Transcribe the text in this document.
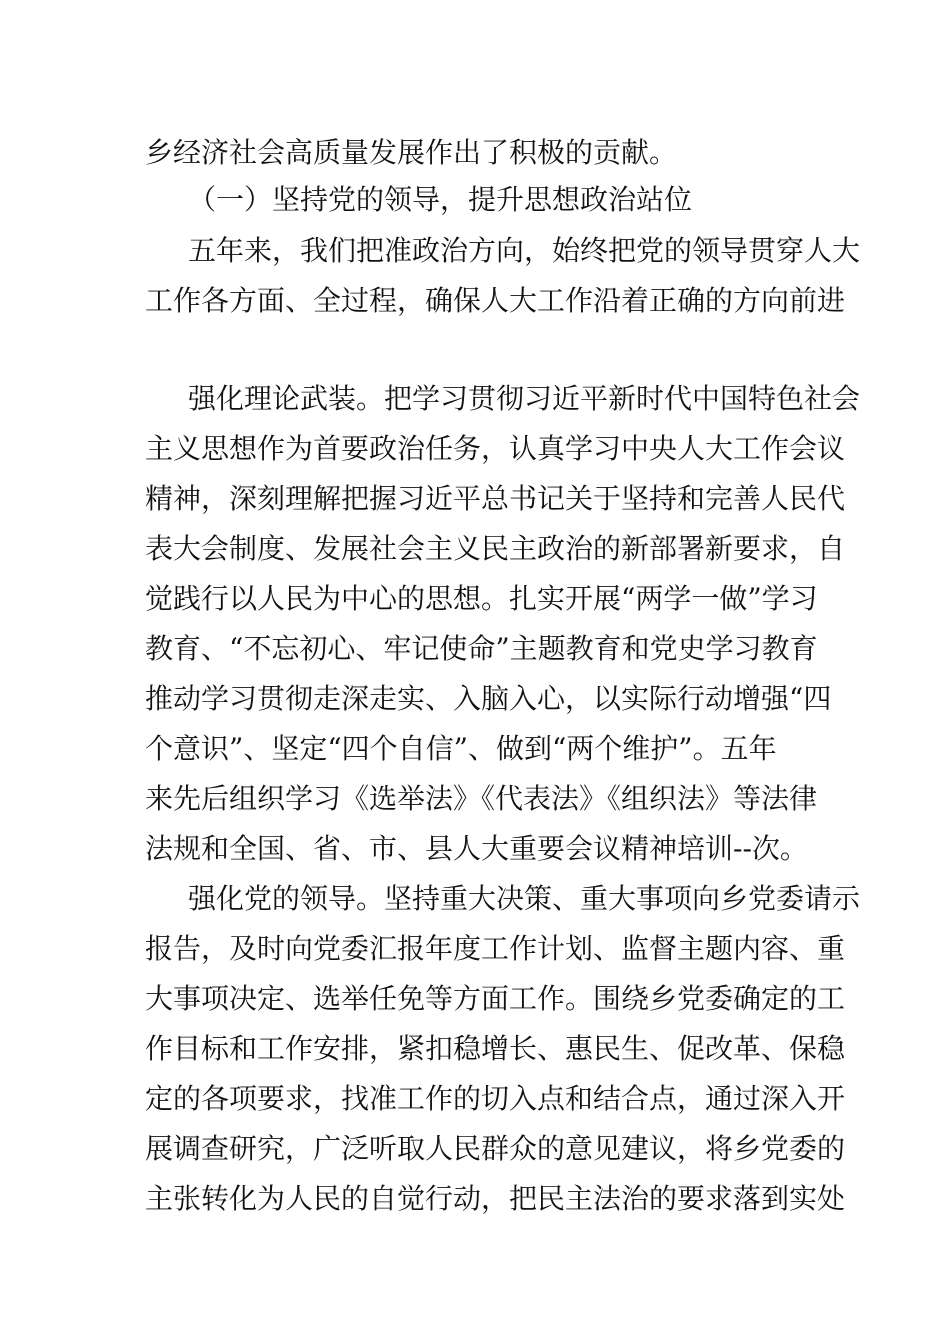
乡经济社会高质量发展作出了积极的贡献。
（一）坚持党的领导，提升思想政治站位
五年来，我们把准政治方向，始终把党的领导贯穿人大
工作各方面、全过程，确保人大工作沿着正确的方向前进
强化理论武装。把学习贯彻习近平新时代中国特色社会
主义思想作为首要政治任务，认真学习中央人大工作会议
精神，深刻理解把握习近平总书记关于坚持和完善人民代
表大会制度、发展社会主义民主政治的新部署新要求，自
觉践行以人民为中心的思想。扎实开展“两学一做”学习
教育、“不忘初心、牢记使命”主题教育和党史学习教育
推动学习贯彻走深走实、入脑入心，以实际行动增强“四
个意识”、坚定“四个自信”、做到“两个维护”。五年
来先后组织学习《选举法》《代表法》《组织法》等法律
法规和全国、省、市、县人大重要会议精神培训--次。
强化党的领导。坚持重大决策、重大事项向乡党委请示
报告，及时向党委汇报年度工作计划、监督主题内容、重
大事项决定、选举任免等方面工作。围绕乡党委确定的工
作目标和工作安排，紧扣稳增长、惠民生、促改革、保稳
定的各项要求，找准工作的切入点和结合点，通过深入开
展调查研究，广泛听取人民群众的意见建议，将乡党委的
主张转化为人民的自觉行动，把民主法治的要求落到实处
